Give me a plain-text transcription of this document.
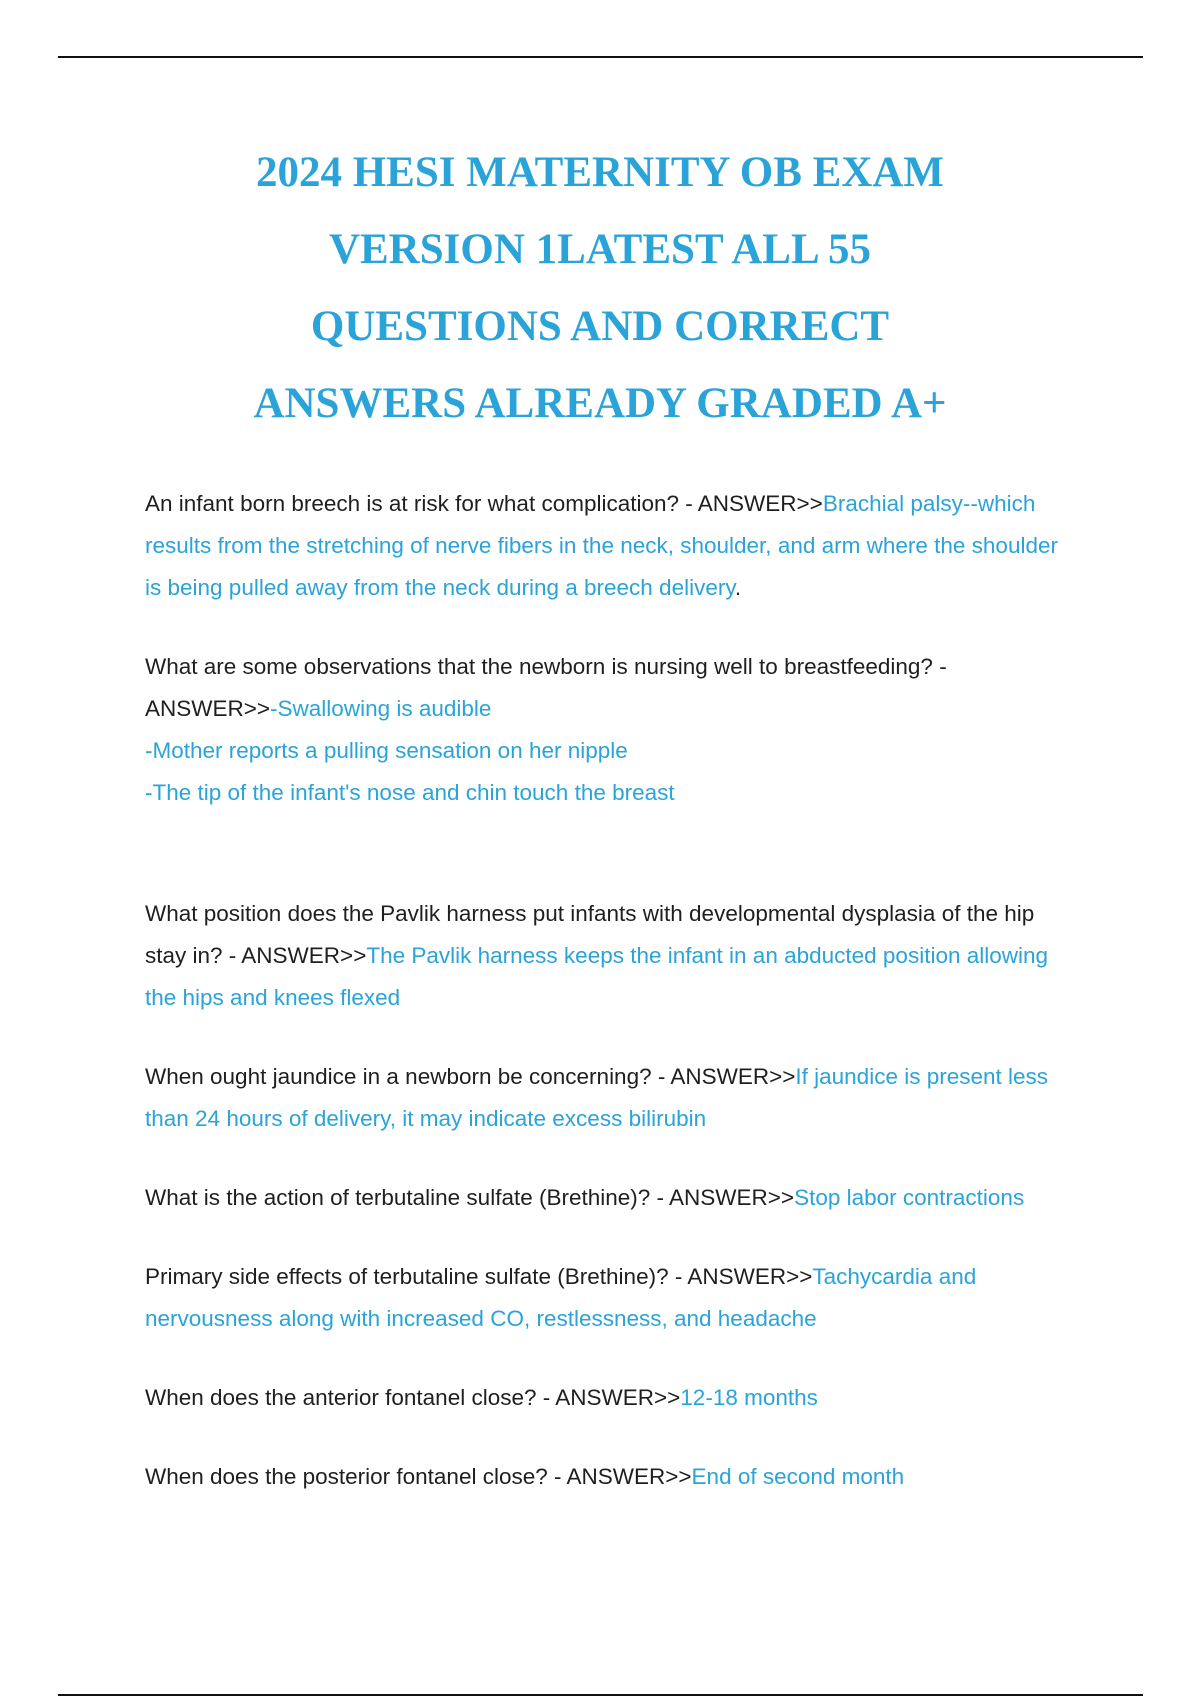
2024 HESI MATERNITY OB EXAM
VERSION 1LATEST ALL 55
QUESTIONS AND CORRECT
ANSWERS ALREADY GRADED A+

An infant born breech is at risk for what complication? - ANSWER>>Brachial palsy--which results from the stretching of nerve fibers in the neck, shoulder, and arm where the shoulder is being pulled away from the neck during a breech delivery.

What are some observations that the newborn is nursing well to breastfeeding? - ANSWER>>-Swallowing is audible
-Mother reports a pulling sensation on her nipple
-The tip of the infant's nose and chin touch the breast

What position does the Pavlik harness put infants with developmental dysplasia of the hip stay in? - ANSWER>>The Pavlik harness keeps the infant in an abducted position allowing the hips and knees flexed

When ought jaundice in a newborn be concerning? - ANSWER>>If jaundice is present less than 24 hours of delivery, it may indicate excess bilirubin

What is the action of terbutaline sulfate (Brethine)? - ANSWER>>Stop labor contractions

Primary side effects of terbutaline sulfate (Brethine)? - ANSWER>>Tachycardia and nervousness along with increased CO, restlessness, and headache

When does the anterior fontanel close? - ANSWER>>12-18 months

When does the posterior fontanel close? - ANSWER>>End of second month
